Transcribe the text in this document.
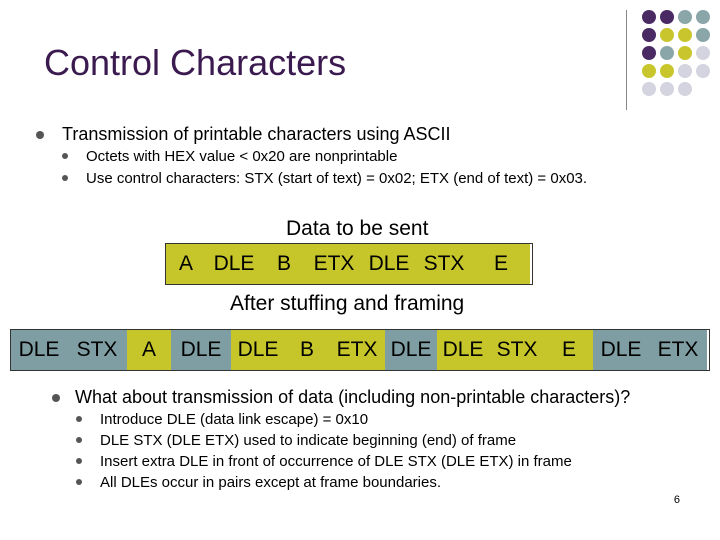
Control Characters
Transmission of printable characters using ASCII
Octets with HEX value < 0x20 are nonprintable
Use control characters: STX (start of text) = 0x02; ETX (end of text) = 0x03.
Data to be sent
A DLE	B	ETX DLE STX	E
After stuffing and framing
DLE STX	A	DLE DLE	B	ETX DLE DLE STX	E	DLE ETX
What about transmission of data (including non-printable characters)?
Introduce DLE (data link escape) = 0x10
DLE STX (DLE ETX) used to indicate beginning (end) of frame
Insert extra DLE in front of occurrence of DLE STX (DLE ETX) in frame
All DLEs occur in pairs except at frame boundaries.
6
